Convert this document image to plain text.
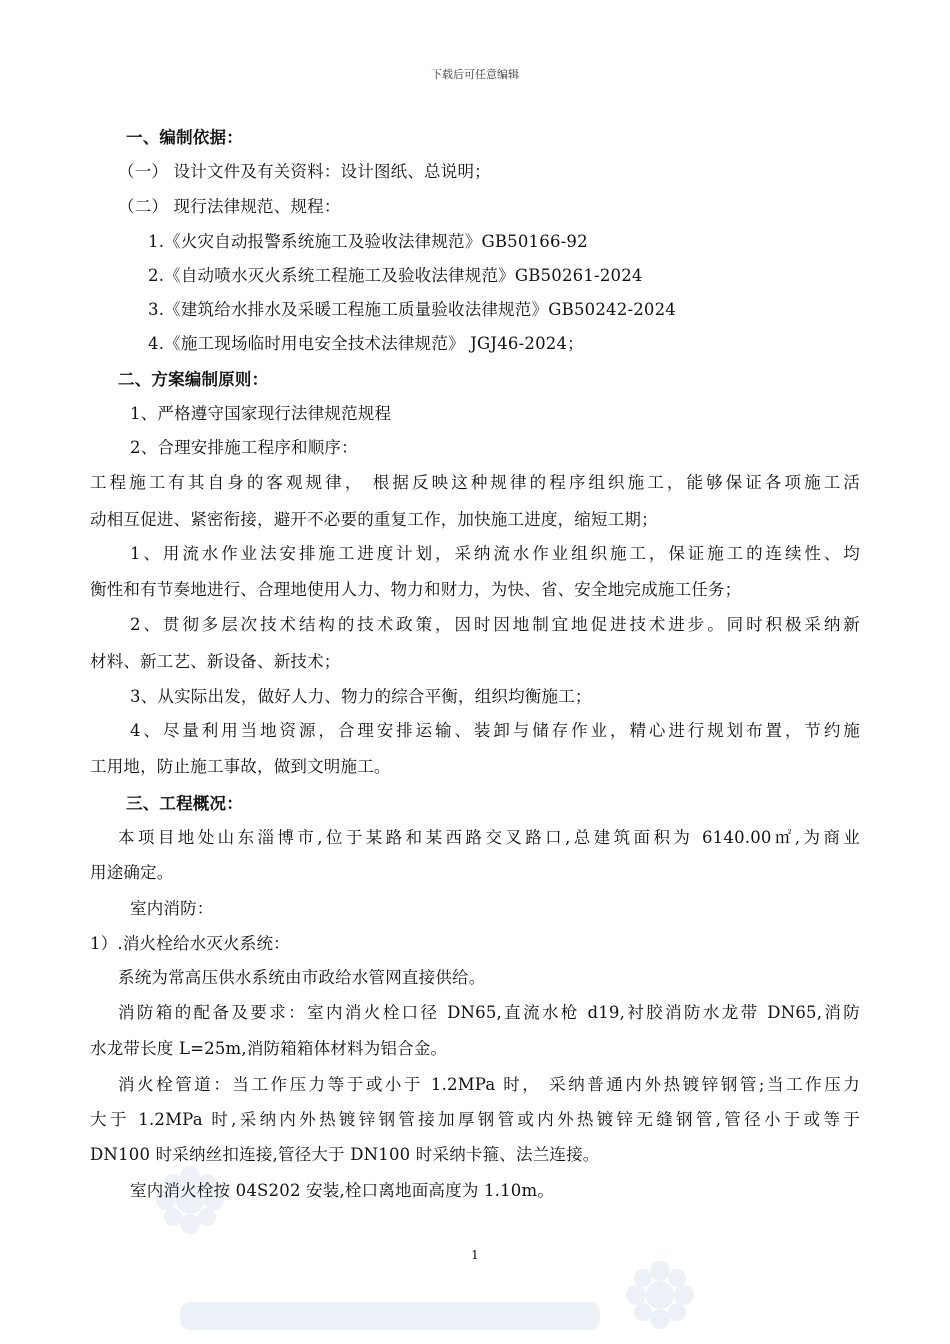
下载后可任意编辑
一、编制依据：
（一） 设计文件及有关资料：设计图纸、总说明；
（二） 现行法律规范、规程：
1.《火灾自动报警系统施工及验收法律规范》GB50166-92
2.《自动喷水灭火系统工程施工及验收法律规范》GB50261-2024
3.《建筑给水排水及采暖工程施工质量验收法律规范》GB50242-2024
4.《施工现场临时用电安全技术法律规范》 JGJ46-2024；
二、方案编制原则：
1、严格遵守国家现行法律规范规程
2、合理安排施工程序和顺序：
工程施工有其自身的客观规律， 根据反映这种规律的程序组织施工，能够保证各项施工活
动相互促进、紧密衔接，避开不必要的重复工作，加快施工进度，缩短工期；
1、用流水作业法安排施工进度计划，采纳流水作业组织施工，保证施工的连续性、均
衡性和有节奏地进行、合理地使用人力、物力和财力，为快、省、安全地完成施工任务；
2、贯彻多层次技术结构的技术政策，因时因地制宜地促进技术进步。同时积极采纳新
材料、新工艺、新设备、新技术；
3、从实际出发，做好人力、物力的综合平衡，组织均衡施工；
4、尽量利用当地资源，合理安排运输、装卸与储存作业，精心进行规划布置，节约施
工用地，防止施工事故，做到文明施工。
三、工程概况：
本项目地处山东淄博市,位于某路和某西路交叉路口,总建筑面积为 6140.00㎡,为商业
用途确定。
室内消防：
1）.消火栓给水灭火系统：
系统为常高压供水系统由市政给水管网直接供给。
消防箱的配备及要求：室内消火栓口径 DN65,直流水枪 d19,衬胶消防水龙带 DN65,消防
水龙带长度 L=25m,消防箱箱体材料为铝合金。
消火栓管道：当工作压力等于或小于 1.2MPa 时， 采纳普通内外热镀锌钢管;当工作压力
大于 1.2MPa 时,采纳内外热镀锌钢管接加厚钢管或内外热镀锌无缝钢管,管径小于或等于
DN100 时采纳丝扣连接,管径大于 DN100 时采纳卡箍、法兰连接。
室内消火栓按 04S202 安装,栓口离地面高度为 1.10m。
1
